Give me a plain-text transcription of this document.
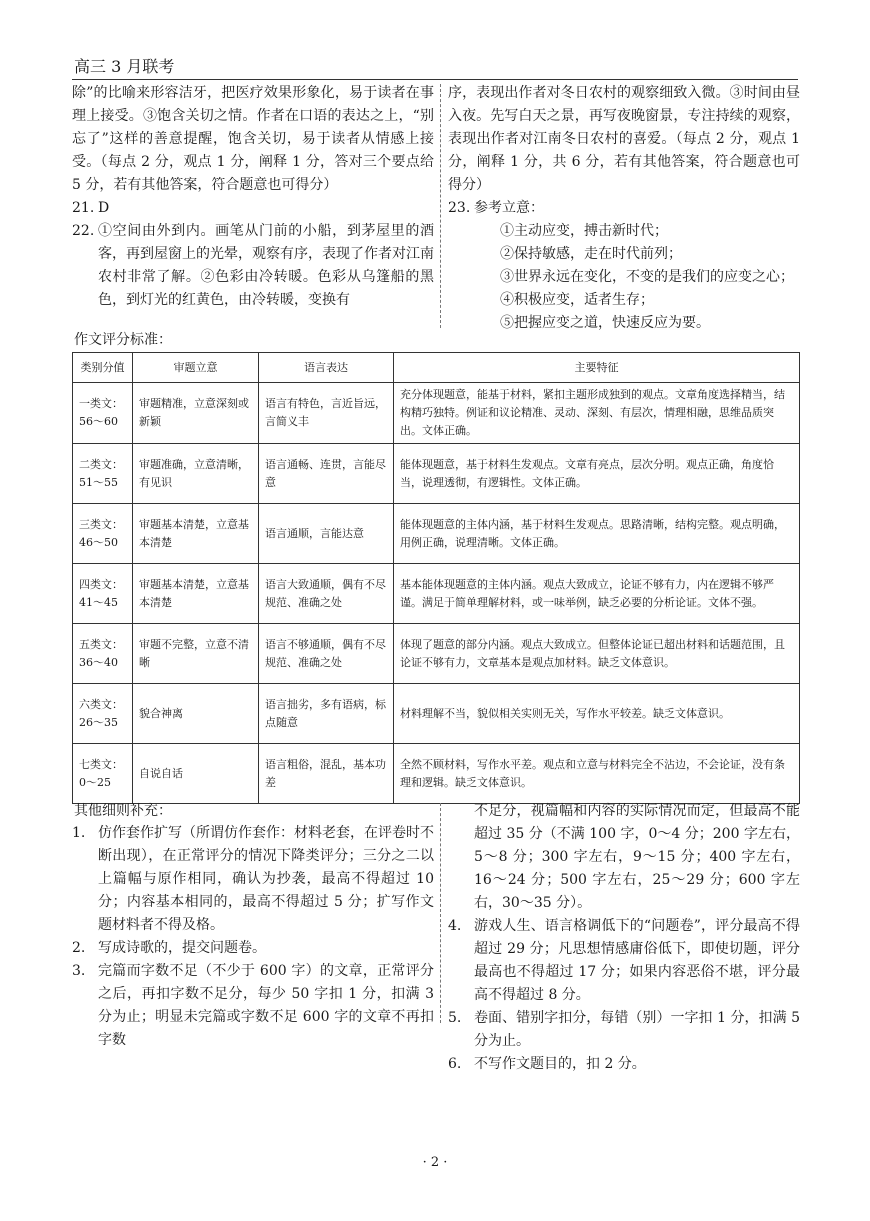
高三 3 月联考
除”的比喻来形容洁牙，把医疗效果形象化，易于读者在事理上接受。③饱含关切之情。作者在口语的表达之上，“别忘了”这样的善意提醒，饱含关切，易于读者从情感上接受。（每点 2 分，观点 1 分，阐释 1 分，答对三个要点给 5 分，若有其他答案，符合题意也可得分）
21. D
22. ①空间由外到内。画笔从门前的小船，到茅屋里的酒客，再到屋窗上的光晕，观察有序，表现了作者对江南农村非常了解。②色彩由冷转暖。色彩从乌篷船的黑色，到灯光的红黄色，由冷转暖，变换有
序，表现出作者对冬日农村的观察细致入微。③时间由昼入夜。先写白天之景，再写夜晚窗景，专注持续的观察，表现出作者对江南冬日农村的喜爱。（每点 2 分，观点 1 分，阐释 1 分，共 6 分，若有其他答案，符合题意也可得分）
23. 参考立意：
①主动应变，搏击新时代；
②保持敏感，走在时代前列；
③世界永远在变化，不变的是我们的应变之心；
④积极应变，适者生存；
⑤把握应变之道，快速反应为要。
作文评分标准：
类别分值	审题立意	语言表达	主要特征
一类文：
56～60	审题精准，立意深刻或新颖	语言有特色，言近旨远，言简义丰	充分体现题意，能基于材料，紧扣主题形成独到的观点。文章角度选择精当，结构精巧独特。例证和议论精准、灵动、深刻、有层次，情理相融，思维品质突出。文体正确。
二类文：
51～55	审题准确，立意清晰，有见识	语言通畅、连贯，言能尽意	能体现题意，基于材料生发观点。文章有亮点，层次分明。观点正确，角度恰当，说理透彻，有逻辑性。文体正确。
三类文：
46～50	审题基本清楚，立意基本清楚	语言通顺，言能达意	能体现题意的主体内涵，基于材料生发观点。思路清晰，结构完整。观点明确，用例正确，说理清晰。文体正确。
四类文：
41～45	审题基本清楚，立意基本清楚	语言大致通顺，偶有不尽规范、准确之处	基本能体现题意的主体内涵。观点大致成立，论证不够有力，内在逻辑不够严谨。满足于简单理解材料，或一味举例，缺乏必要的分析论证。文体不强。
五类文：
36～40	审题不完整，立意不清晰	语言不够通顺，偶有不尽规范、准确之处	体现了题意的部分内涵。观点大致成立。但整体论证已超出材料和话题范围，且论证不够有力，文章基本是观点加材料。缺乏文体意识。
六类文：
26～35	貌合神离	语言拙劣，多有语病，标点随意	材料理解不当，貌似相关实则无关，写作水平较差。缺乏文体意识。
七类文：
0～25	自说自话	语言粗俗，混乱，基本功差	全然不顾材料，写作水平差。观点和立意与材料完全不沾边，不会论证，没有条理和逻辑。缺乏文体意识。
其他细则补充：
1. 仿作套作扩写（所谓仿作套作：材料老套，在评卷时不断出现），在正常评分的情况下降类评分；三分之二以上篇幅与原作相同，确认为抄袭，最高不得超过 10 分；内容基本相同的，最高不得超过 5 分；扩写作文题材料者不得及格。
2. 写成诗歌的，提交问题卷。
3. 完篇而字数不足（不少于 600 字）的文章，正常评分之后，再扣字数不足分，每少 50 字扣 1 分，扣满 3 分为止；明显未完篇或字数不足 600 字的文章不再扣字数
不足分，视篇幅和内容的实际情况而定，但最高不能超过 35 分（不满 100 字，0～4 分；200 字左右，5～8 分；300 字左右，9～15 分；400 字左右，16～24 分；500 字左右，25～29 分；600 字左右，30～35 分）。
4. 游戏人生、语言格调低下的“问题卷”，评分最高不得超过 29 分；凡思想情感庸俗低下，即使切题，评分最高也不得超过 17 分；如果内容恶俗不堪，评分最高不得超过 8 分。
5. 卷面、错别字扣分，每错（别）一字扣 1 分，扣满 5 分为止。
6. 不写作文题目的，扣 2 分。
· 2 ·
